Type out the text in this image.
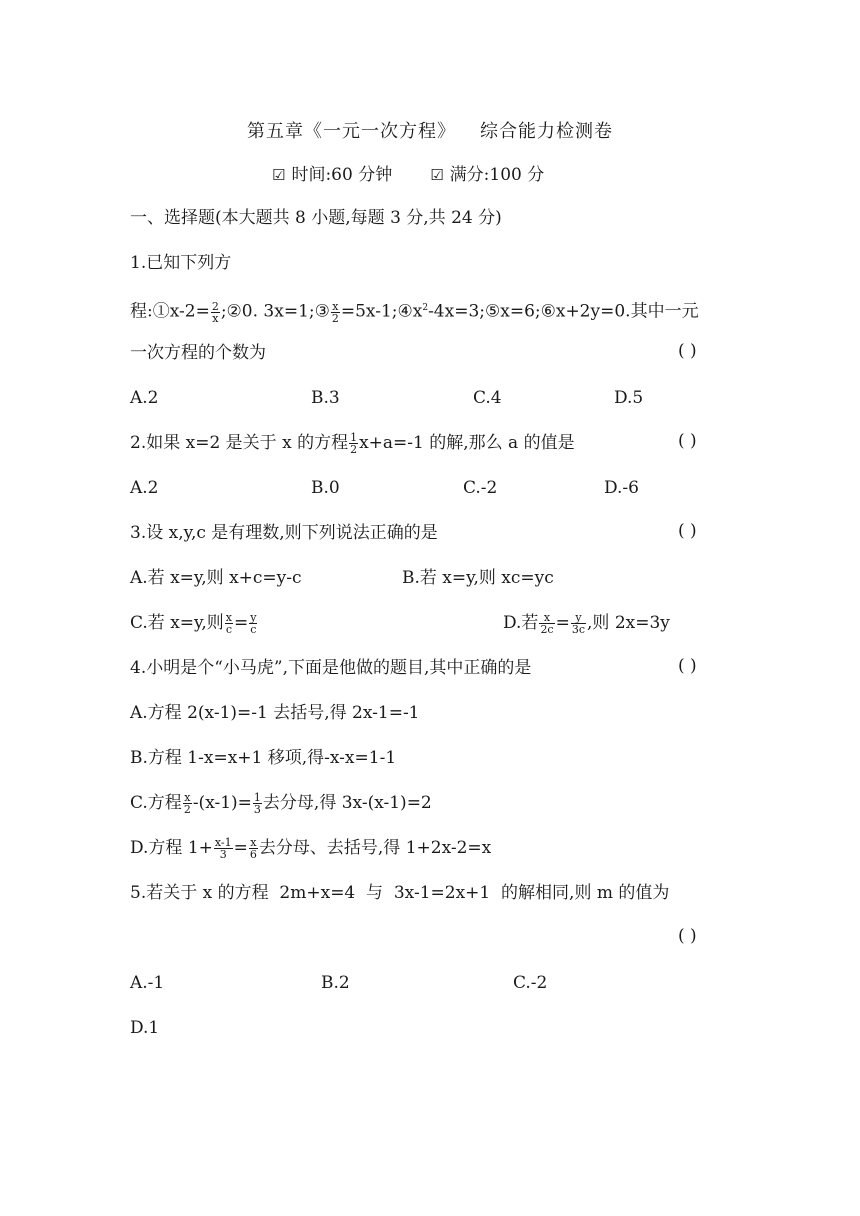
第五章《一元一次方程》 综合能力检测卷
☑ 时间:60 分钟	☑ 满分:100 分
一、选择题(本大题共 8 小题,每题 3 分,共 24 分)
1.已知下列方
程:①x-2= $\frac{2}{x}$ ;②0. 3x=1;③ $\frac{x}{2}$ $=5x-1;④x^2-4x=3;⑤x=6;⑥x+2y=0$.其中一元
一次方程的个数为	( )
A.2	B.3	C.4	D.5
2.如果 x=2 是关于 x 的方程 $\frac{1}{2} x+a=-1$ 的解,那么 a 的值是	( )
A.2	B.0	C.-2	D.-6
3.设 x,y,c 是有理数,则下列说法正确的是	( )
A.若 x=y,则 x+c=y-c	B.若 x=y,则 xc=yc
C.若 x=y,则 $\frac{x}{c} = \frac{y}{c}$	D.若 $\frac{x}{2c} = \frac{y}{3c}$ ,则 2x=3y
4.小明是个“小马虎”,下面是他做的题目,其中正确的是	( )
A.方程 2(x-1)=-1 去括号,得 2x-1=-1
B.方程 1-x=x+1 移项,得-x-x=1-1
C.方程 $\frac{x}{2} -(x-1)= \frac{1}{3}$ 去分母,得 3x-(x-1)=2
D.方程 $1+ \frac{x-1}{3} = \frac{x}{6}$ 去分母、去括号,得 1+2x-2=x
5.若关于 x 的方程  2m+x=4  与  3x-1=2x+1  的解相同,则 m 的值为
( )
A.-1	B.2	C.-2
D.1
